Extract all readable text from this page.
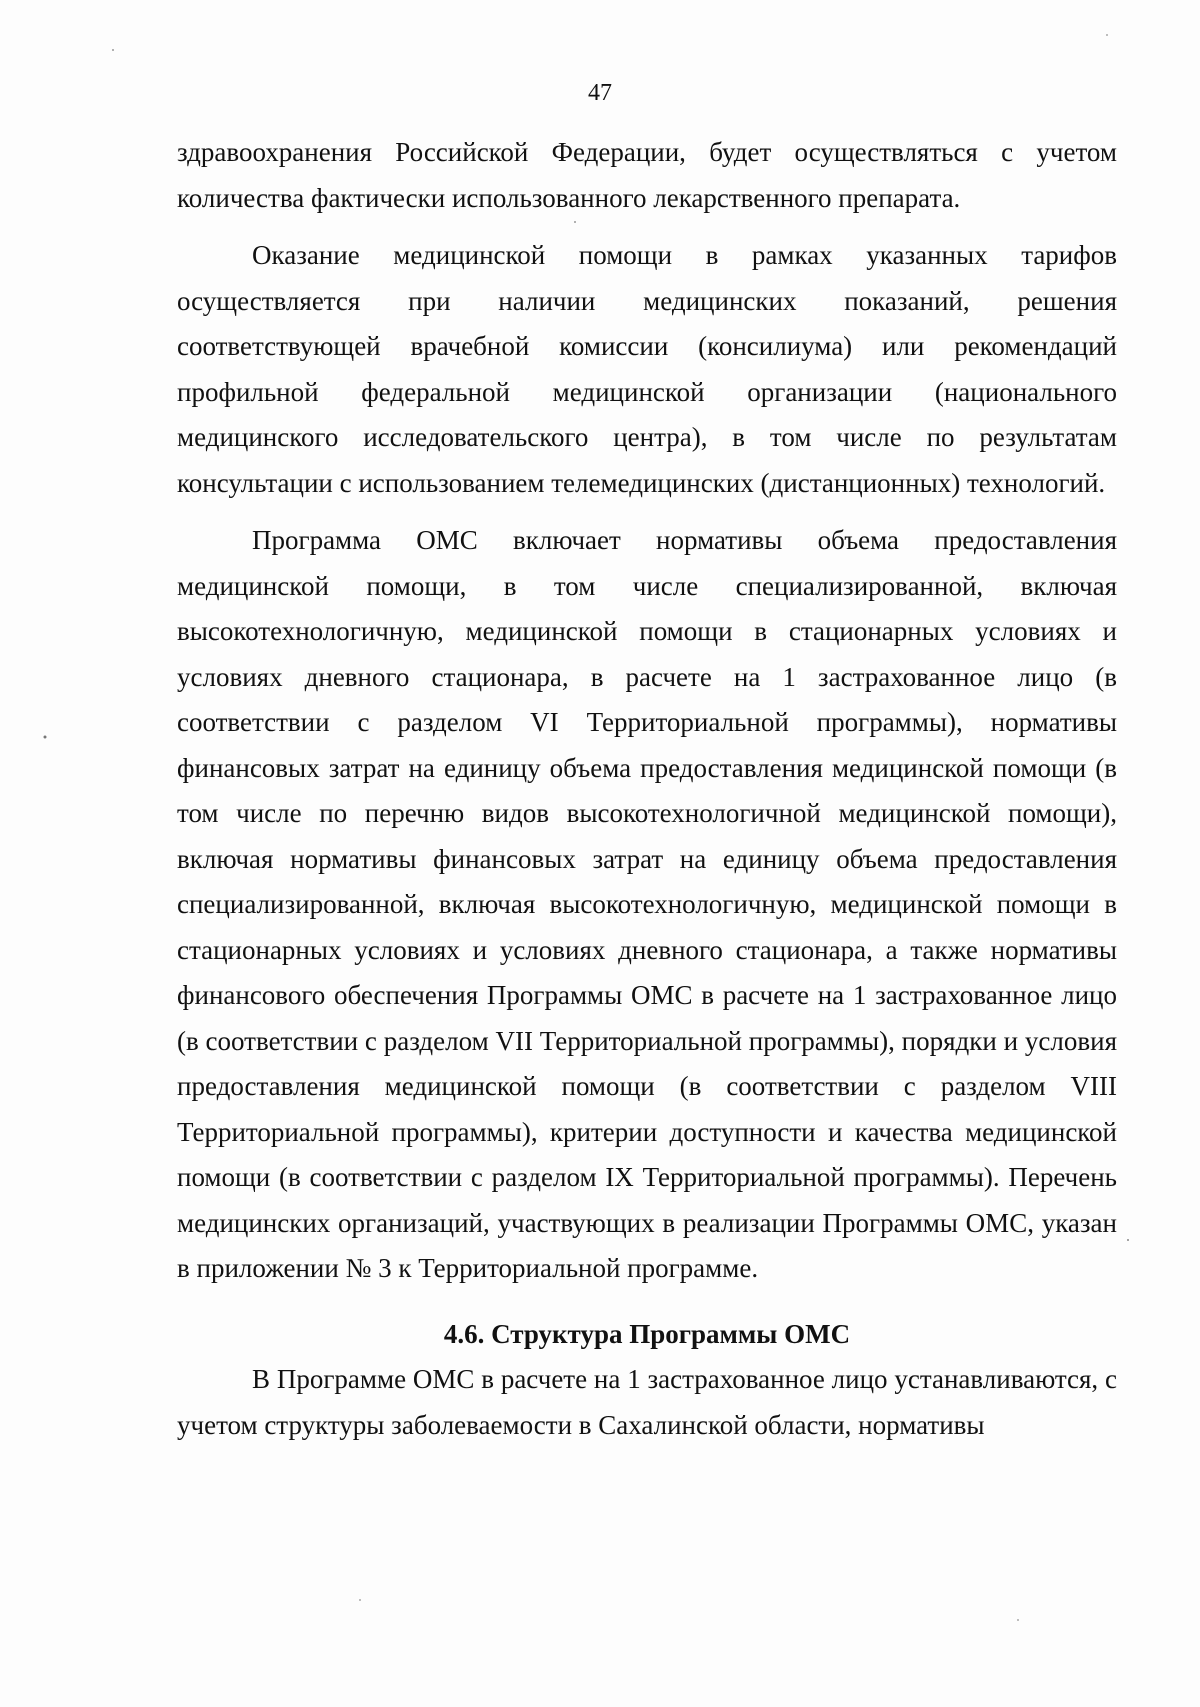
47

здравоохранения Российской Федерации, будет осуществляться с учетом количества фактически использованного лекарственного препарата.

Оказание медицинской помощи в рамках указанных тарифов осуществляется при наличии медицинских показаний, решения соответствующей врачебной комиссии (консилиума) или рекомендаций профильной федеральной медицинской организации (национального медицинского исследовательского центра), в том числе по результатам консультации с использованием телемедицинских (дистанционных) технологий.

Программа ОМС включает нормативы объема предоставления медицинской помощи, в том числе специализированной, включая высокотехнологичную, медицинской помощи в стационарных условиях и условиях дневного стационара, в расчете на 1 застрахованное лицо (в соответствии с разделом VI Территориальной программы), нормативы финансовых затрат на единицу объема предоставления медицинской помощи (в том числе по перечню видов высокотехнологичной медицинской помощи), включая нормативы финансовых затрат на единицу объема предоставления специализированной, включая высокотехнологичную, медицинской помощи в стационарных условиях и условиях дневного стационара, а также нормативы финансового обеспечения Программы ОМС в расчете на 1 застрахованное лицо (в соответствии с разделом VII Территориальной программы), порядки и условия предоставления медицинской помощи (в соответствии с разделом VIII Территориальной программы), критерии доступности и качества медицинской помощи (в соответствии с разделом IX Территориальной программы). Перечень медицинских организаций, участвующих в реализации Программы ОМС, указан в приложении № 3 к Территориальной программе.

4.6. Структура Программы ОМС

В Программе ОМС в расчете на 1 застрахованное лицо устанавливаются, с учетом структуры заболеваемости в Сахалинской области, нормативы
